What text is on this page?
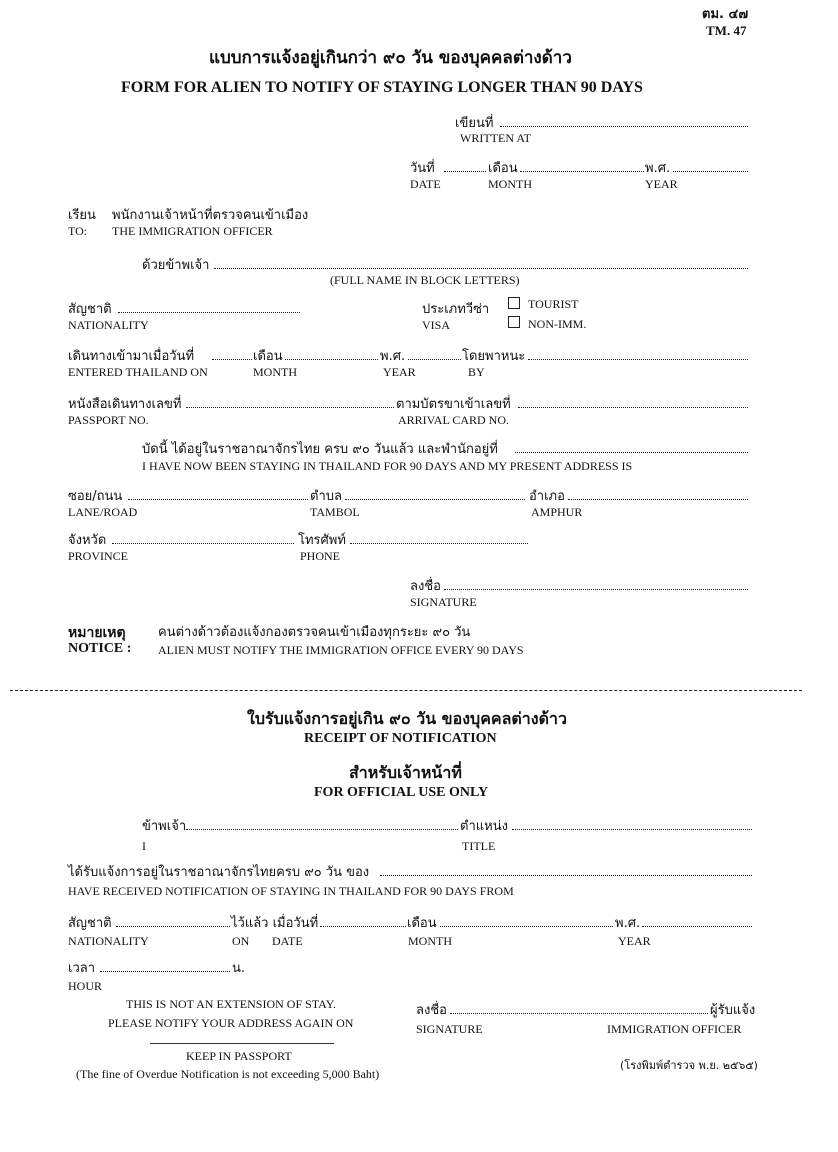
ตม. ๔๗
TM. 47
แบบการแจ้งอยู่เกินกว่า ๙๐ วัน ของบุคคลต่างด้าว
FORM FOR ALIEN TO NOTIFY OF STAYING LONGER THAN 90 DAYS
เขียนที่
WRITTEN AT
วันที่	เดือน	พ.ศ.
DATE	MONTH	YEAR
เรียน พนักงานเจ้าหน้าที่ตรวจคนเข้าเมือง
TO: THE IMMIGRATION OFFICER
ด้วยข้าพเจ้า
(FULL NAME IN BLOCK LETTERS)
สัญชาติ
NATIONALITY
ประเภทวีซ่า
VISA
TOURIST
NON-IMM.
เดินทางเข้ามาเมื่อวันที่	เดือน	พ.ศ.	โดยพาหนะ
ENTERED THAILAND ON	MONTH	YEAR	BY
หนังสือเดินทางเลขที่
PASSPORT NO.
ตามบัตรขาเข้าเลขที่
ARRIVAL CARD NO.
บัดนี้ ได้อยู่ในราชอาณาจักรไทย ครบ ๙๐ วันแล้ว และพำนักอยู่ที่
I HAVE NOW BEEN STAYING IN THAILAND FOR 90 DAYS AND MY PRESENT ADDRESS IS
ซอย/ถนน	ตำบล	อำเภอ
LANE/ROAD	TAMBOL	AMPHUR
จังหวัด	โทรศัพท์
PROVINCE	PHONE
ลงชื่อ
SIGNATURE
หมายเหตุ คนต่างด้าวต้องแจ้งกองตรวจคนเข้าเมืองทุกระยะ ๙๐ วัน
NOTICE : ALIEN MUST NOTIFY THE IMMIGRATION OFFICE EVERY 90 DAYS
ใบรับแจ้งการอยู่เกิน ๙๐ วัน ของบุคคลต่างด้าว
RECEIPT OF NOTIFICATION
สำหรับเจ้าหน้าที่
FOR OFFICIAL USE ONLY
ข้าพเจ้า	ตำแหน่ง
I	TITLE
ได้รับแจ้งการอยู่ในราชอาณาจักรไทยครบ ๙๐ วัน ของ
HAVE RECEIVED NOTIFICATION OF STAYING IN THAILAND FOR 90 DAYS FROM
สัญชาติ	ไว้แล้ว เมื่อวันที่	เดือน	พ.ศ.
NATIONALITY	ON DATE	MONTH	YEAR
เวลา	น.
HOUR
THIS IS NOT AN EXTENSION OF STAY.
PLEASE NOTIFY YOUR ADDRESS AGAIN ON
KEEP IN PASSPORT
(The fine of Overdue Notification is not exceeding 5,000 Baht)
ลงชื่อ	ผู้รับแจ้ง
SIGNATURE	IMMIGRATION OFFICER
(โรงพิมพ์ตำรวจ พ.ย. ๒๕๖๕)
